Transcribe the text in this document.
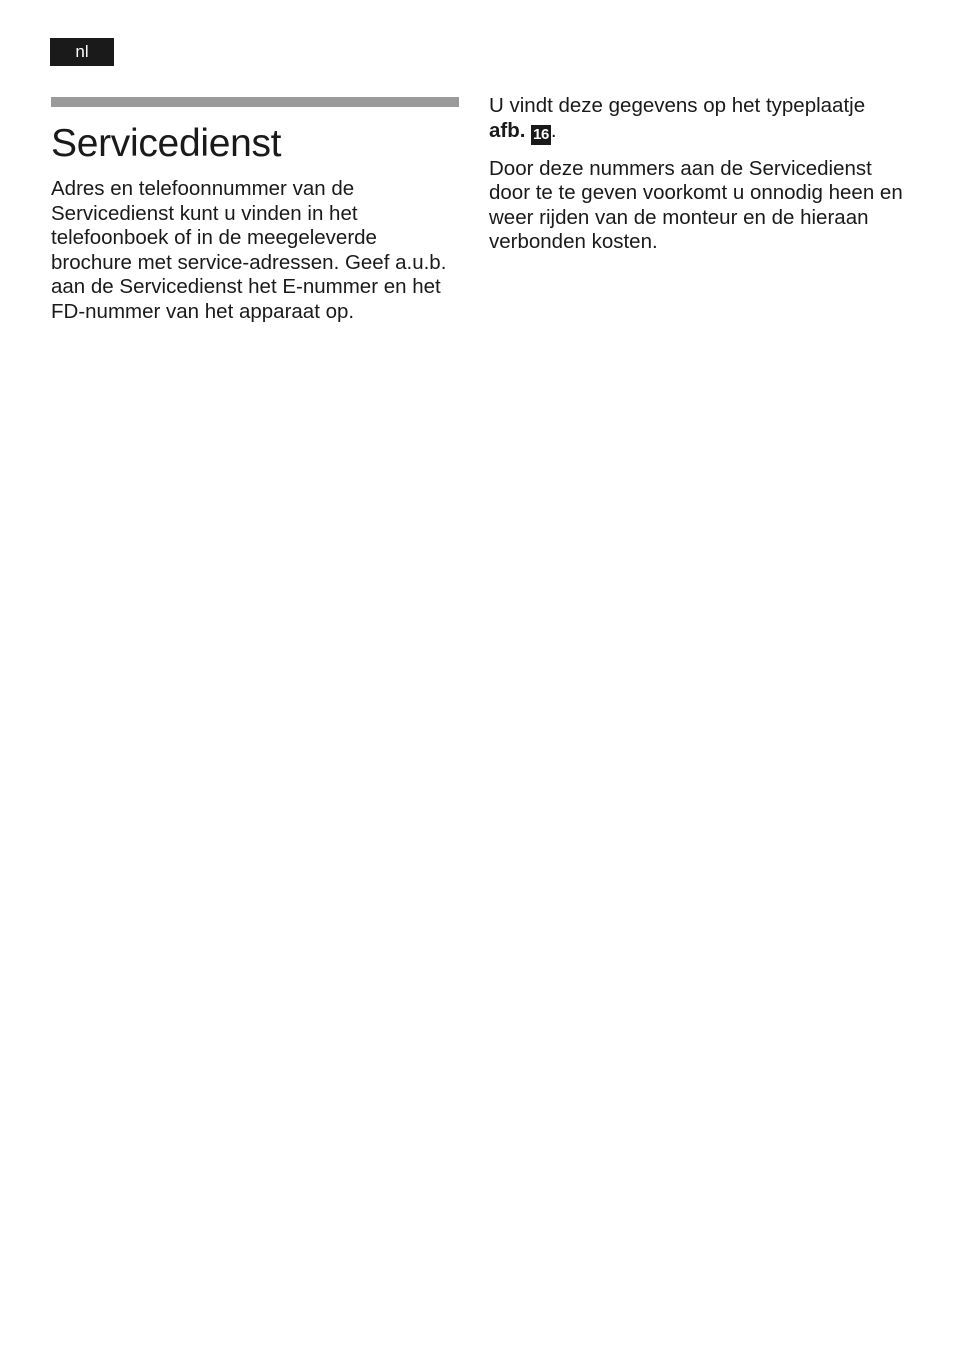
nl
Servicedienst

Adres en telefoonnummer van de Servicedienst kunt u vinden in het telefoonboek of in de meegeleverde brochure met service-adressen. Geef a.u.b. aan de Servicedienst het E-nummer en het FD-nummer van het apparaat op.

U vindt deze gegevens op het typeplaatje
afb. 16.

Door deze nummers aan de Servicedienst door te te geven voorkomt u onnodig heen en weer rijden van de monteur en de hieraan verbonden kosten.
